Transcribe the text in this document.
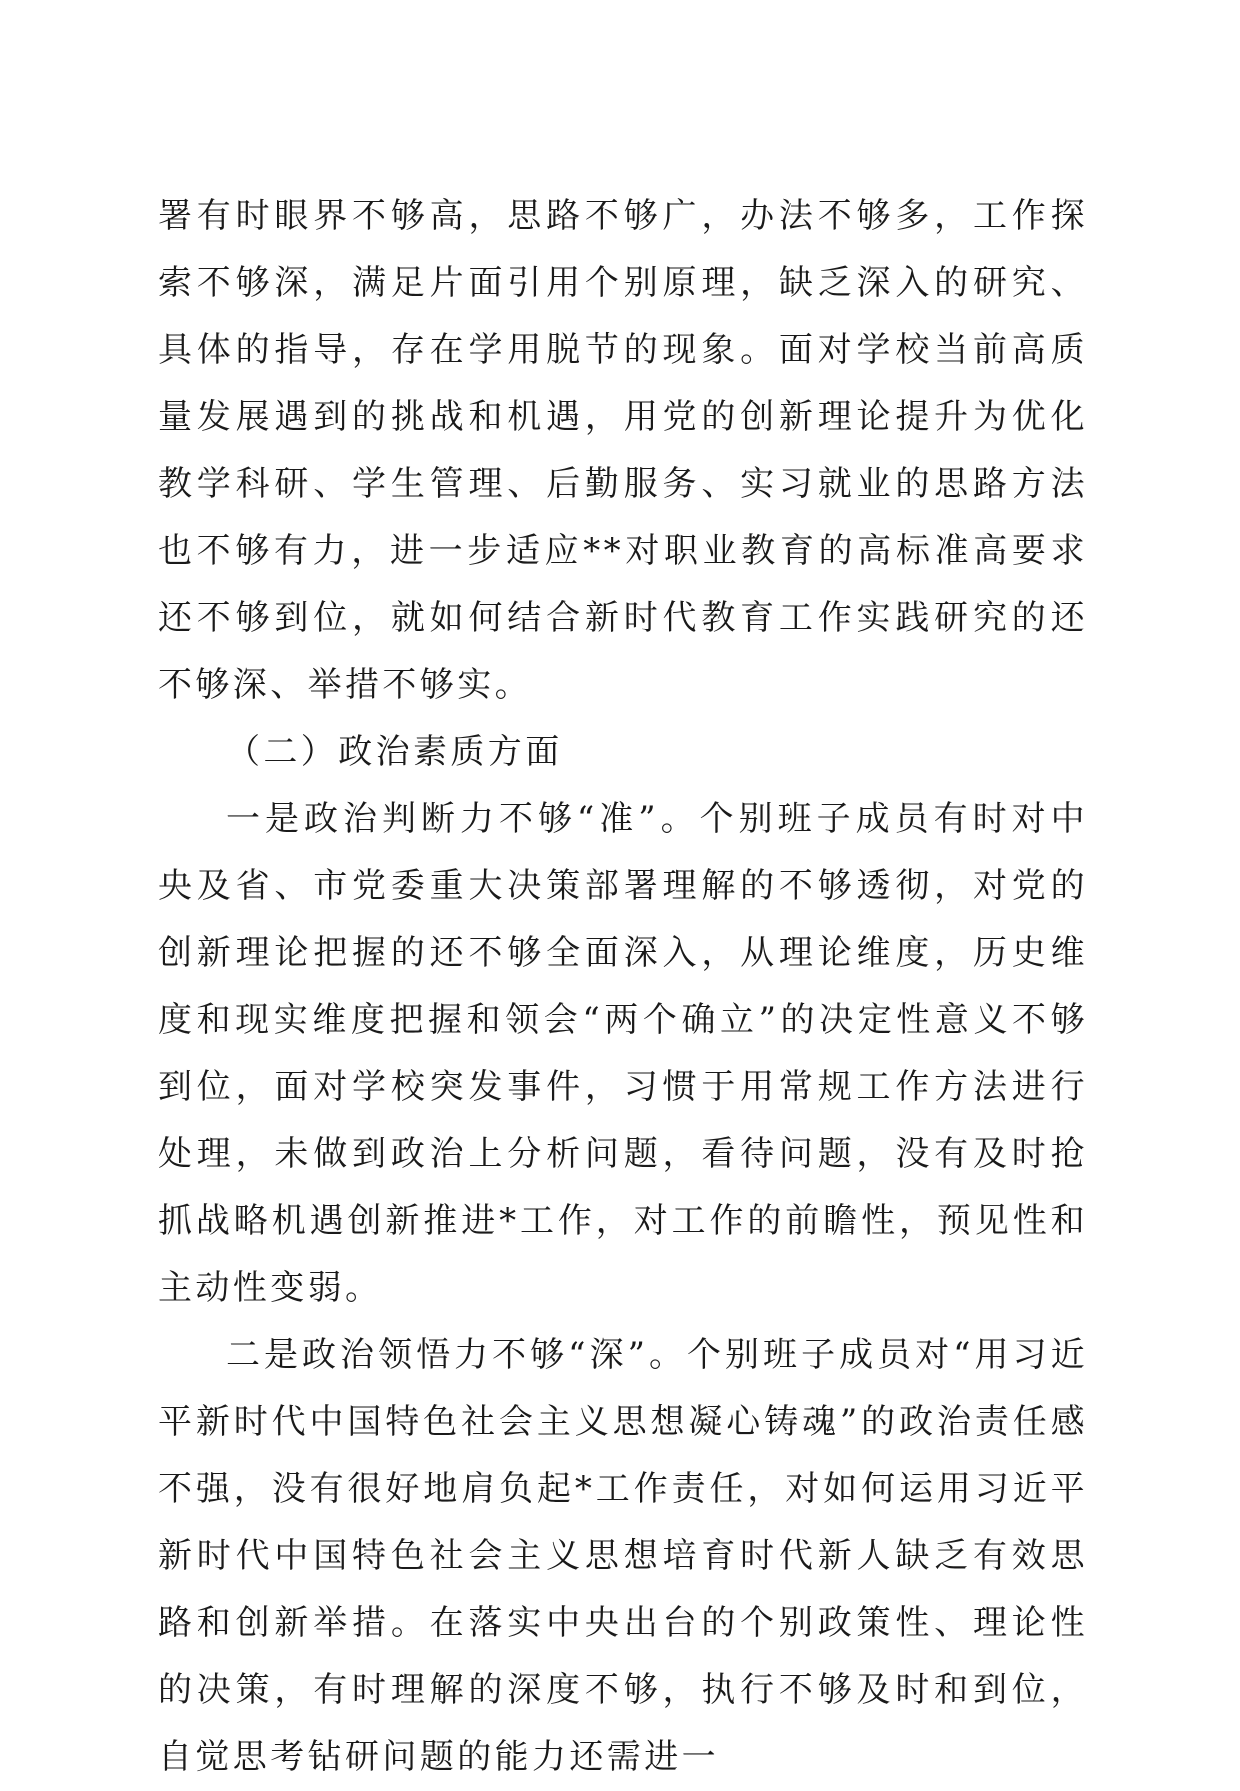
署有时眼界不够高，思路不够广，办法不够多，工作探索不够深，满足片面引用个别原理，缺乏深入的研究、具体的指导，存在学用脱节的现象。面对学校当前高质量发展遇到的挑战和机遇，用党的创新理论提升为优化教学科研、学生管理、后勤服务、实习就业的思路方法也不够有力，进一步适应**对职业教育的高标准高要求还不够到位，就如何结合新时代教育工作实践研究的还不够深、举措不够实。

（二）政治素质方面

一是政治判断力不够“准”。个别班子成员有时对中央及省、市党委重大决策部署理解的不够透彻，对党的创新理论把握的还不够全面深入，从理论维度，历史维度和现实维度把握和领会“两个确立”的决定性意义不够到位，面对学校突发事件，习惯于用常规工作方法进行处理，未做到政治上分析问题，看待问题，没有及时抢抓战略机遇创新推进*工作，对工作的前瞻性，预见性和主动性变弱。

二是政治领悟力不够“深”。个别班子成员对“用习近平新时代中国特色社会主义思想凝心铸魂”的政治责任感不强，没有很好地肩负起*工作责任，对如何运用习近平新时代中国特色社会主义思想培育时代新人缺乏有效思路和创新举措。在落实中央出台的个别政策性、理论性的决策，有时理解的深度不够，执行不够及时和到位，自觉思考钻研问题的能力还需进一
